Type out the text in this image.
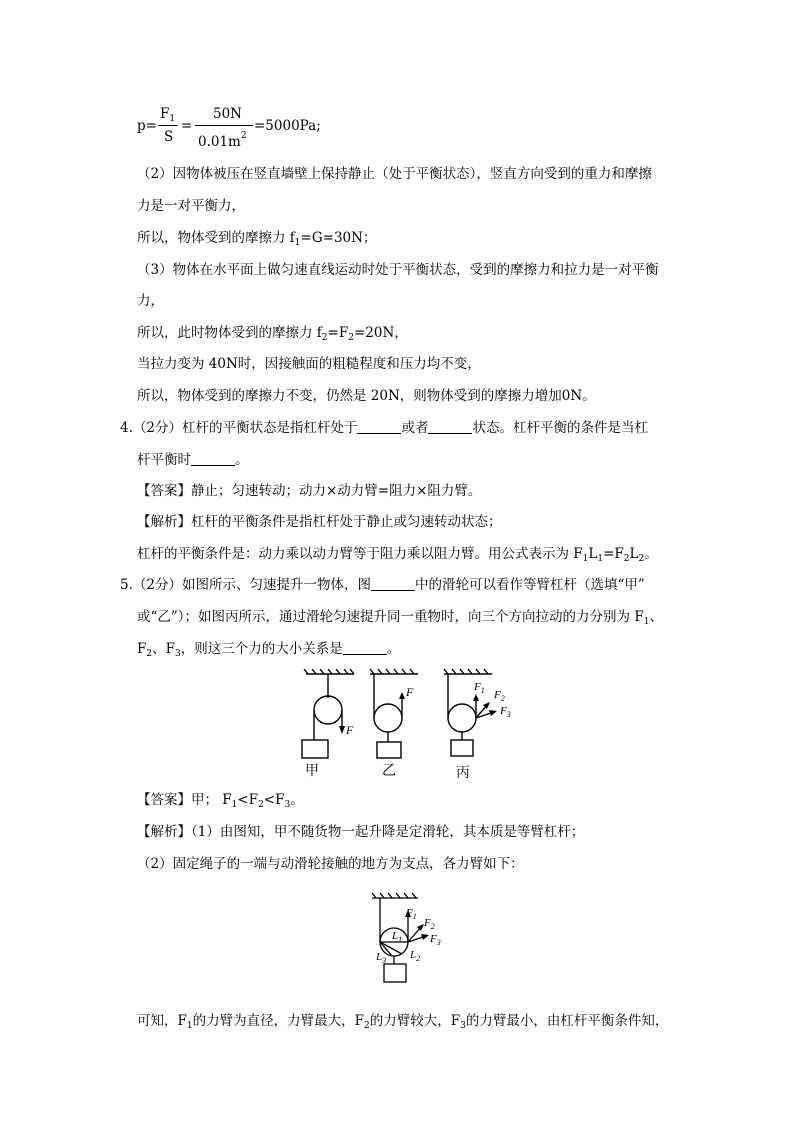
p=
$F_1$
S
=
50N
$0.01m^2$
=5000Pa;
（2）因物体被压在竖直墙壁上保持静止（处于平衡状态），竖直方向受到的重力和摩擦
力是一对平衡力，
所以，物体受到的摩擦力 $f_1=G=30N$；
（3）物体在水平面上做匀速直线运动时处于平衡状态，受到的摩擦力和拉力是一对平衡
力，
所以，此时物体受到的摩擦力 $f_2=F_2=20N$，
当拉力变为 40N时，因接触面的粗糙程度和压力均不变，
所以，物体受到的摩擦力不变，仍然是 20N，则物体受到的摩擦力增加0N。
4.（2分）杠杆的平衡状态是指杠杆处于	或者	状态。杠杆平衡的条件是当杠
杆平衡时	。
【答案】静止；匀速转动；动力×动力臂=阻力×阻力臂。
【解析】杠杆的平衡条件是指杠杆处于静止或匀速转动状态；
杠杆的平衡条件是：动力乘以动力臂等于阻力乘以阻力臂。用公式表示为 $F_1L_1=F_2L_2$。
5.（2分）如图所示、匀速提升一物体，图	中的滑轮可以看作等臂杠杆（选填“甲”
或“乙”）；如图丙所示，通过滑轮匀速提升同一重物时，向三个方向拉动的力分别为 $F_1$、
$F_2$、$F_3$，则这三个力的大小关系是	。
F
F	$F_1$ $F_2$
$F_3$
甲	乙	丙
【答案】甲； $F_1<F_2<F_3$。
【解析】（1）由图知，甲不随货物一起升降是定滑轮，其本质是等臂杠杆；
（2）固定绳子的一端与动滑轮接触的地方为支点，各力臂如下：
$F_1$
$F_2$
$F_3$
$L_1$
$L_2$
$L_3$
可知，$F_1$的力臂为直径，力臂最大，$F_2$的力臂较大，$F_3$的力臂最小，由杠杆平衡条件知，
